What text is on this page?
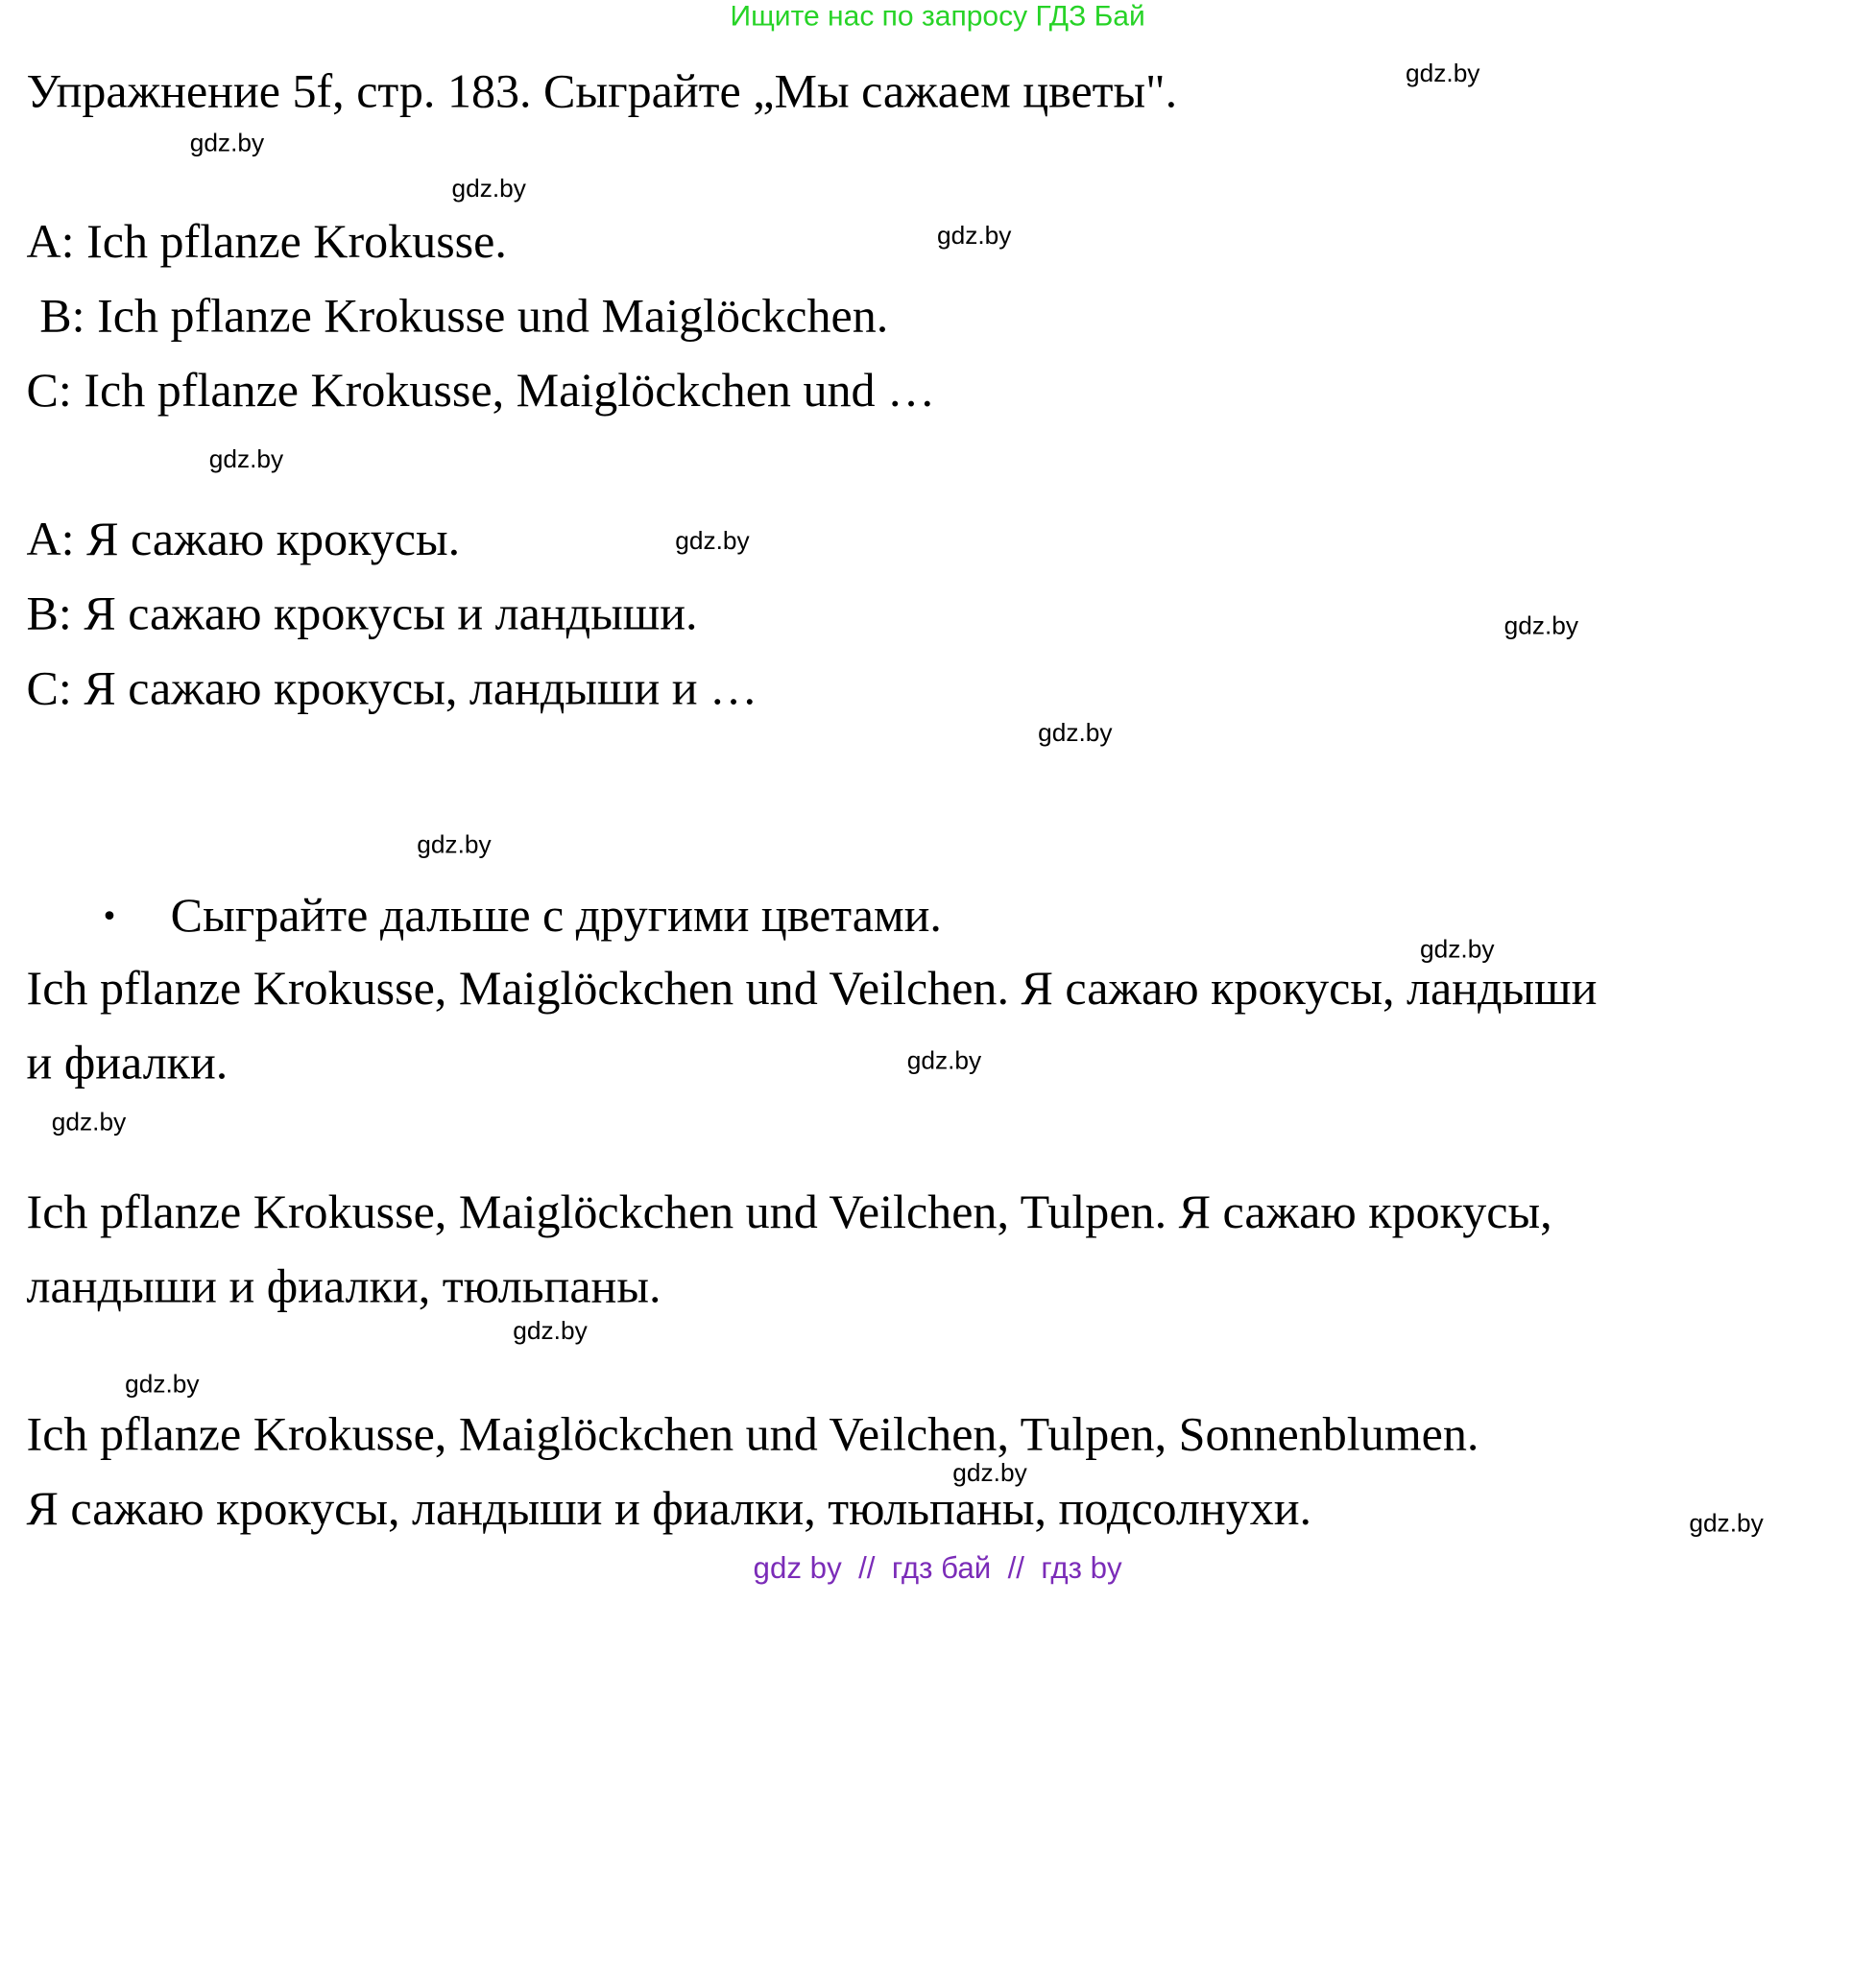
Ищите нас по запросу ГДЗ Бай
Упражнение 5f, стр. 183. Сыграйте „Мы сажаем цветы".
A: Ich pflanze Krokusse.
B: Ich pflanze Krokusse und Maiglöckchen.
C: Ich pflanze Krokusse, Maiglöckchen und …
А: Я сажаю крокусы.
В: Я сажаю крокусы и ландыши.
С: Я сажаю крокусы, ландыши и …
• Сыграйте дальше с другими цветами.
Ich pflanze Krokusse, Maiglöckchen und Veilchen. Я сажаю крокусы, ландыши
и фиалки.
Ich pflanze Krokusse, Maiglöckchen und Veilchen, Tulpen. Я сажаю крокусы,
ландыши и фиалки, тюльпаны.
Ich pflanze Krokusse, Maiglöckchen und Veilchen, Tulpen, Sonnenblumen.
Я сажаю крокусы, ландыши и фиалки, тюльпаны, подсолнухи.
gdz.by
gdz.by
gdz.by
gdz.by
gdz.by
gdz.by
gdz.by
gdz.by
gdz.by
gdz.by
gdz.by
gdz.by
gdz.by
gdz.by
gdz.by
gdz.by
gdz by  //  гдз бай  //  гдз by
